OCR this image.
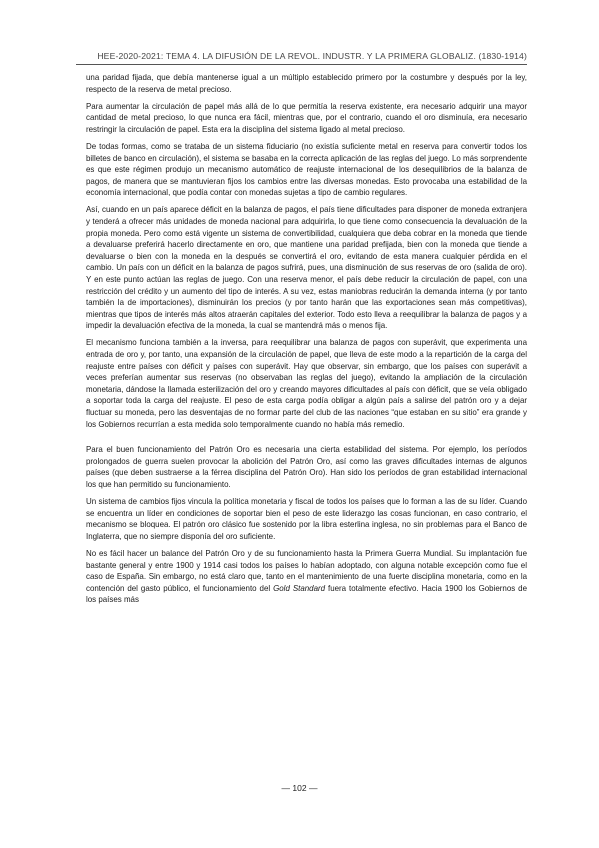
HEE-2020-2021: TEMA 4. LA DIFUSIÓN DE LA REVOL. INDUSTR. Y LA PRIMERA GLOBALIZ. (1830-1914)

una paridad fijada, que debía mantenerse igual a un múltiplo establecido primero por la costumbre y después por la ley, respecto de la reserva de metal precioso.

Para aumentar la circulación de papel más allá de lo que permitía la reserva existente, era necesario adquirir una mayor cantidad de metal precioso, lo que nunca era fácil, mientras que, por el contrario, cuando el oro disminuía, era necesario restringir la circulación de papel. Esta era la disciplina del sistema ligado al metal precioso.

De todas formas, como se trataba de un sistema fiduciario (no existía suficiente metal en reserva para convertir todos los billetes de banco en circulación), el sistema se basaba en la correcta aplicación de las reglas del juego. Lo más sorprendente es que este régimen produjo un mecanismo automático de reajuste internacional de los desequilibrios de la balanza de pagos, de manera que se mantuvieran fijos los cambios entre las diversas monedas. Esto provocaba una estabilidad de la economía internacional, que podía contar con monedas sujetas a tipo de cambio regulares.

Así, cuando en un país aparece déficit en la balanza de pagos, el país tiene dificultades para disponer de moneda extranjera y tenderá a ofrecer más unidades de moneda nacional para adquirirla, lo que tiene como consecuencia la devaluación de la propia moneda. Pero como está vigente un sistema de convertibilidad, cualquiera que deba cobrar en la moneda que tiende a devaluarse preferirá hacerlo directamente en oro, que mantiene una paridad prefijada, bien con la moneda que tiende a devaluarse o bien con la moneda en la después se convertirá el oro, evitando de esta manera cualquier pérdida en el cambio. Un país con un déficit en la balanza de pagos sufrirá, pues, una disminución de sus reservas de oro (salida de oro). Y en este punto actúan las reglas de juego. Con una reserva menor, el país debe reducir la circulación de papel, con una restricción del crédito y un aumento del tipo de interés. A su vez, estas maniobras reducirán la demanda interna (y por tanto también la de importaciones), disminuirán los precios (y por tanto harán que las exportaciones sean más competitivas), mientras que tipos de interés más altos atraerán capitales del exterior. Todo esto lleva a reequilibrar la balanza de pagos y a impedir la devaluación efectiva de la moneda, la cual se mantendrá más o menos fija.

El mecanismo funciona también a la inversa, para reequilibrar una balanza de pagos con superávit, que experimenta una entrada de oro y, por tanto, una expansión de la circulación de papel, que lleva de este modo a la repartición de la carga del reajuste entre países con déficit y países con superávit. Hay que observar, sin embargo, que los países con superávit a veces preferían aumentar sus reservas (no observaban las reglas del juego), evitando la ampliación de la circulación monetaria, dándose la llamada esterilización del oro y creando mayores dificultades al país con déficit, que se veía obligado a soportar toda la carga del reajuste. El peso de esta carga podía obligar a algún país a salirse del patrón oro y a dejar fluctuar su moneda, pero las desventajas de no formar parte del club de las naciones “que estaban en su sitio” era grande y los Gobiernos recurrían a esta medida solo temporalmente cuando no había más remedio.

Para el buen funcionamiento del Patrón Oro es necesaria una cierta estabilidad del sistema. Por ejemplo, los períodos prolongados de guerra suelen provocar la abolición del Patrón Oro, así como las graves dificultades internas de algunos países (que deben sustraerse a la férrea disciplina del Patrón Oro). Han sido los períodos de gran estabilidad internacional los que han permitido su funcionamiento.

Un sistema de cambios fijos vincula la política monetaria y fiscal de todos los países que lo forman a las de su líder. Cuando se encuentra un líder en condiciones de soportar bien el peso de este liderazgo las cosas funcionan, en caso contrario, el mecanismo se bloquea. El patrón oro clásico fue sostenido por la libra esterlina inglesa, no sin problemas para el Banco de Inglaterra, que no siempre disponía del oro suficiente.

No es fácil hacer un balance del Patrón Oro y de su funcionamiento hasta la Primera Guerra Mundial. Su implantación fue bastante general y entre 1900 y 1914 casi todos los países lo habían adoptado, con alguna notable excepción como fue el caso de España. Sin embargo, no está claro que, tanto en el mantenimiento de una fuerte disciplina monetaria, como en la contención del gasto público, el funcionamiento del Gold Standard fuera totalmente efectivo. Hacia 1900 los Gobiernos de los países más

— 102 —
